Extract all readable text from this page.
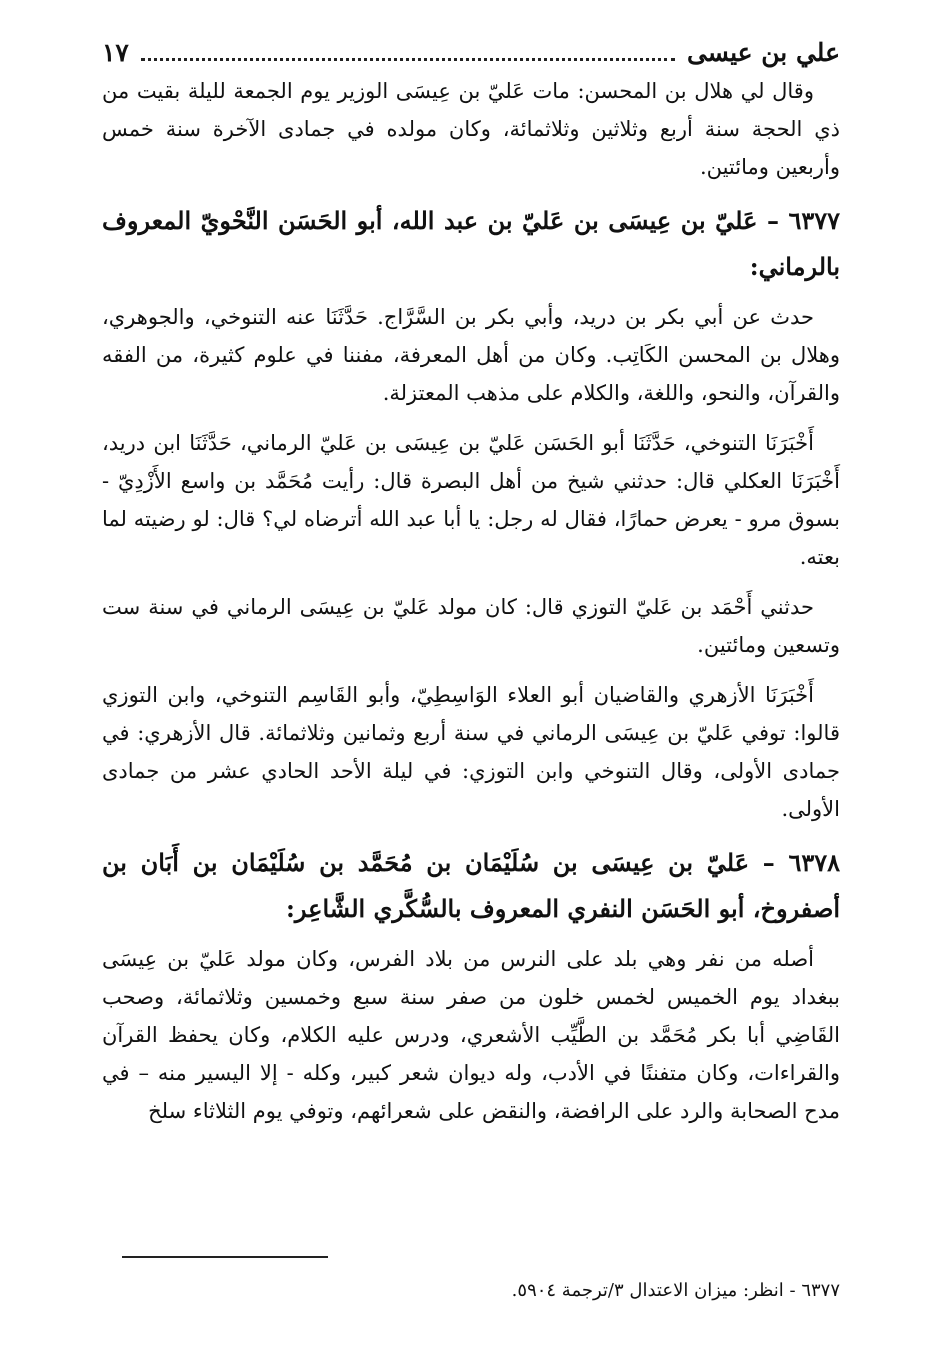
علي بن عيسى
١٧

وقال لي هلال بن المحسن: مات عَليّ بن عِيسَى الوزير يوم الجمعة لليلة بقيت من ذي الحجة سنة أربع وثلاثين وثلاثمائة، وكان مولده في جمادى الآخرة سنة خمس وأربعين ومائتين.

٦٣٧٧ – عَليّ بن عِيسَى بن عَليّ بن عبد الله، أبو الحَسَن النَّحْويّ المعروف بالرماني:

حدث عن أبي بكر بن دريد، وأبي بكر بن السَّرَّاج. حَدَّثَنَا عنه التنوخي، والجوهري، وهلال بن المحسن الكَاتِب. وكان من أهل المعرفة، مفننا في علوم كثيرة، من الفقه والقرآن، والنحو، واللغة، والكلام على مذهب المعتزلة.

أَخْبَرَنَا التنوخي، حَدَّثَنَا أبو الحَسَن عَليّ بن عِيسَى بن عَليّ الرماني، حَدَّثَنَا ابن دريد، أَخْبَرَنَا العكلي قال: حدثني شيخ من أهل البصرة قال: رأيت مُحَمَّد بن واسع الأَزْدِيّ - بسوق مرو - يعرض حمارًا، فقال له رجل: يا أبا عبد الله أترضاه لي؟ قال: لو رضيته لما بعته.

حدثني أَحْمَد بن عَليّ التوزي قال: كان مولد عَليّ بن عِيسَى الرماني في سنة ست وتسعين ومائتين.

أَخْبَرَنَا الأزهري والقاضيان أبو العلاء الوَاسِطِيّ، وأبو القَاسِم التنوخي، وابن التوزي قالوا: توفي عَليّ بن عِيسَى الرماني في سنة أربع وثمانين وثلاثمائة. قال الأزهري: في جمادى الأولى، وقال التنوخي وابن التوزي: في ليلة الأحد الحادي عشر من جمادى الأولى.

٦٣٧٨ – عَليّ بن عِيسَى بن سُلَيْمَان بن مُحَمَّد بن سُلَيْمَان بن أَبَان بن أصفروخ، أبو الحَسَن النفري المعروف بالسُّكَّري الشَّاعِر:

أصله من نفر وهي بلد على النرس من بلاد الفرس، وكان مولد عَليّ بن عِيسَى ببغداد يوم الخميس لخمس خلون من صفر سنة سبع وخمسين وثلاثمائة، وصحب القَاضِي أبا بكر مُحَمَّد بن الطَّيِّب الأشعري، ودرس عليه الكلام، وكان يحفظ القرآن والقراءات، وكان متفننًا في الأدب، وله ديوان شعر كبير، وكله - إلا اليسير منه – في مدح الصحابة والرد على الرافضة، والنقض على شعرائهم، وتوفي يوم الثلاثاء سلخ

٦٣٧٧ - انظر: ميزان الاعتدال ٣/ترجمة ٥٩٠٤.
